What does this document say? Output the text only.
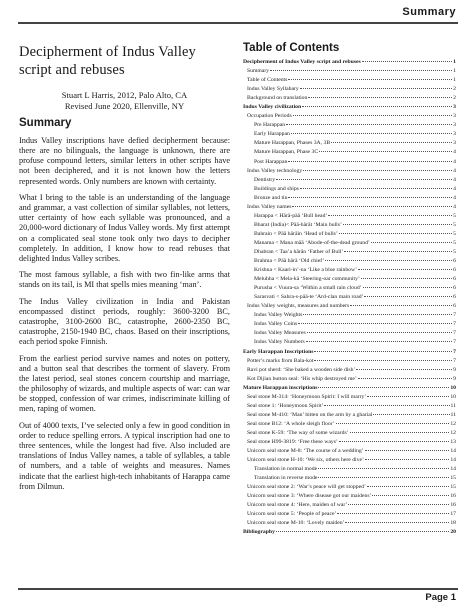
Summary
Decipherment of Indus Valley script and rebuses
Stuart L Harris, 2012, Palo Alto, CA
Revised June 2020, Ellenville, NY
Summary

Indus Valley inscriptions have defied decipherment because: there are no bilinguals, the language is unknown, there are profuse compound letters, similar letters in other scripts have not been deciphered, and it is not known how the letters represented words. Only numbers are known with certainty.

What I bring to the table is an understanding of the language and grammar, a vast collection of similar syllables, not letters, utter certainty of how each syllable was pronounced, and a 20,000-word dictionary of Indus Valley words. My first attempt on a complicated seal stone took only two days to decipher completely. In addition, I know how to read rebuses that delighted Indus Valley scribes.

The most famous syllable, a fish with two fin-like arms that stands on its tail, is MI that spells mies meaning ‘man’.

The Indus Valley civilization in India and Pakistan encompassed distinct periods, roughly: 3600-3200 BC, catastrophe, 3100-2600 BC, catastrophe, 2600-2350 BC, catastrophe, 2150-1940 BC, chaos. Based on their inscriptions, each period spoke Finnish.

From the earliest period survive names and notes on pottery, and a button seal that describes the torment of slavery. From the latest period, seal stones concern courtship and marriage, the philosophy of wizards, and multiple aspects of war: can war be stopped, confession of war crimes, indiscriminate killing of men, raping of women.

Out of 4000 texts, I’ve selected only a few in good condition in order to reduce spelling errors. A typical inscription had one to three sentences, while the longest had five. Also included are translations of Indus Valley names, a table of syllables, a table of numbers, and a table of weights and measures. Names indicate that the earliest high-tech inhabitants of Harappa came from Dilmun.

Table of Contents
Decipherment of Indus Valley script and rebuses	1
Summary	1
Table of Contents	1
Indus Valley Syllabary	2
Background on translation	2
Indus Valley civilization	3
Occupation Periods	3
Pre Harappan	3
Early Harappan	3
Mature Harappan, Phases 3A, 3B	3
Mature Harappan, Phase 3C	4
Post Harappan	4
Indus Valley technology	4
Dentistry	4
Buildings and ships	4
Bronze and tin	4
Indus Valley names	4
Harappa < Hārā-pää ‘Bull head’	5
Bharat (India)< Pää-hārāt ‘Main bulls’	5
Bahrain < Pää hārāin ‘Head of bulls’	5
Manama < Mana māā ‘Abode-of-the-dead ground’	5
Dhabran < Taa’a hārān ‘Father of Bull’	5
Brahma < Pää hārā ‘Old chief’	6
Krishna < Kaari-in’-na ‘Like a blue rainbow’	6
Meluhha < Mela-kā ‘Steering-oar community’	6
Purusha < Vuura-sa ‘Within a small rain cloud’	6
Sarasvati < Sahra-s-pää-te ‘Ard-clan main road’	6
Indus Valley weights, measures and numbers	6
Indus Valley Weights	7
Indus Valley Coins	7
Indus Valley Measures	7
Indus Valley Numbers	7
Early Harappan Inscriptions	7
Potter’s marks from Bala-kot	7
Ravi pot sherd: ‘She baked a wooden side dish’	9
Kot Dijian button seal: ‘His whip destroyed me’	9
Mature Harappan inscriptions	10
Seal stone M-314: ‘Honeymoon Spirit: I will marry’	10
Seal stone 1: ‘Honeymoon Spirit’	11
Seal stone M-410: ‘Man’ bitten on the arm by a gharial	11
Seal stone B12: ‘A whole sleigh floor’	12
Seal stone K-59: ‘The way of some wizards’	12
Seal stone H99-3819: ‘Free these ways’	13
Unicorn seal stone M-8: ‘The course of a wedding’	14
Unicorn seal stone H-10: ‘We six, others here dive’	14
Translation in normal mode	14
Translation in reverse mode	15
Unicorn seal stone 2: ‘War’s peace will get stopped’	15
Unicorn seal stone 3: ‘Where disease got our maidens’	16
Unicorn seal stone 4: ‘Here, maiden of war’	16
Unicorn seal stone 5: ‘People of peace’	17
Unicorn seal stone M-10: ‘Lovely maiden’	18
Bibliography	20
Page 1
